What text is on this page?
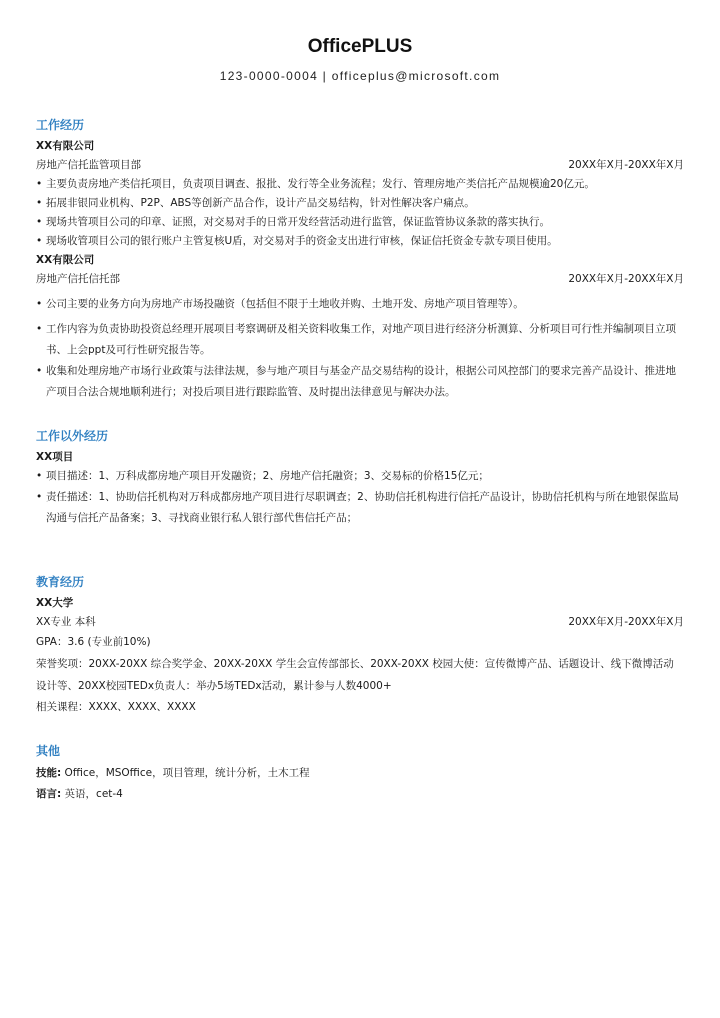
OfficePLUS
123-0000-0004 | officeplus@microsoft.com
工作经历
XX有限公司
房地产信托监管项目部	20XX年X月-20XX年X月
• 主要负责房地产类信托项目，负责项目调查、报批、发行等全业务流程；发行、管理房地产类信托产品规模逾20亿元。
• 拓展非银同业机构、P2P、ABS等创新产品合作，设计产品交易结构，针对性解决客户痛点。
• 现场共管项目公司的印章、证照，对交易对手的日常开发经营活动进行监管，保证监管协议条款的落实执行。
• 现场收管项目公司的银行账户主管复核U盾，对交易对手的资金支出进行审核，保证信托资金专款专项目使用。
XX有限公司
房地产信托信托部	20XX年X月-20XX年X月
• 公司主要的业务方向为房地产市场投融资（包括但不限于土地收并购、土地开发、房地产项目管理等）。
• 工作内容为负责协助投资总经理开展项目考察调研及相关资料收集工作，对地产项目进行经济分析测算、分析项目可行性并编制项目立项书、上会ppt及可行性研究报告等。
• 收集和处理房地产市场行业政策与法律法规，参与地产项目与基金产品交易结构的设计，根据公司风控部门的要求完善产品设计、推进地产项目合法合规地顺利进行；对投后项目进行跟踪监管、及时提出法律意见与解决办法。
工作以外经历
XX项目
• 项目描述：1、万科成都房地产项目开发融资；2、房地产信托融资；3、交易标的价格15亿元；
• 责任描述：1、协助信托机构对万科成都房地产项目进行尽职调查；2、协助信托机构进行信托产品设计，协助信托机构与所在地银保监局沟通与信托产品备案；3、寻找商业银行私人银行部代售信托产品；
教育经历
XX大学
XX专业 本科	20XX年X月-20XX年X月
GPA：3.6 (专业前10%)
荣誉奖项：20XX-20XX 综合奖学金、20XX-20XX 学生会宣传部部长、20XX-20XX 校园大使：宣传微博产品、话题设计、线下微博活动设计等、20XX校园TEDx负责人：举办5场TEDx活动，累计参与人数4000+
相关课程：XXXX、XXXX、XXXX
其他
技能: Office，MSOffice，项目管理，统计分析，土木工程
语言: 英语，cet-4
